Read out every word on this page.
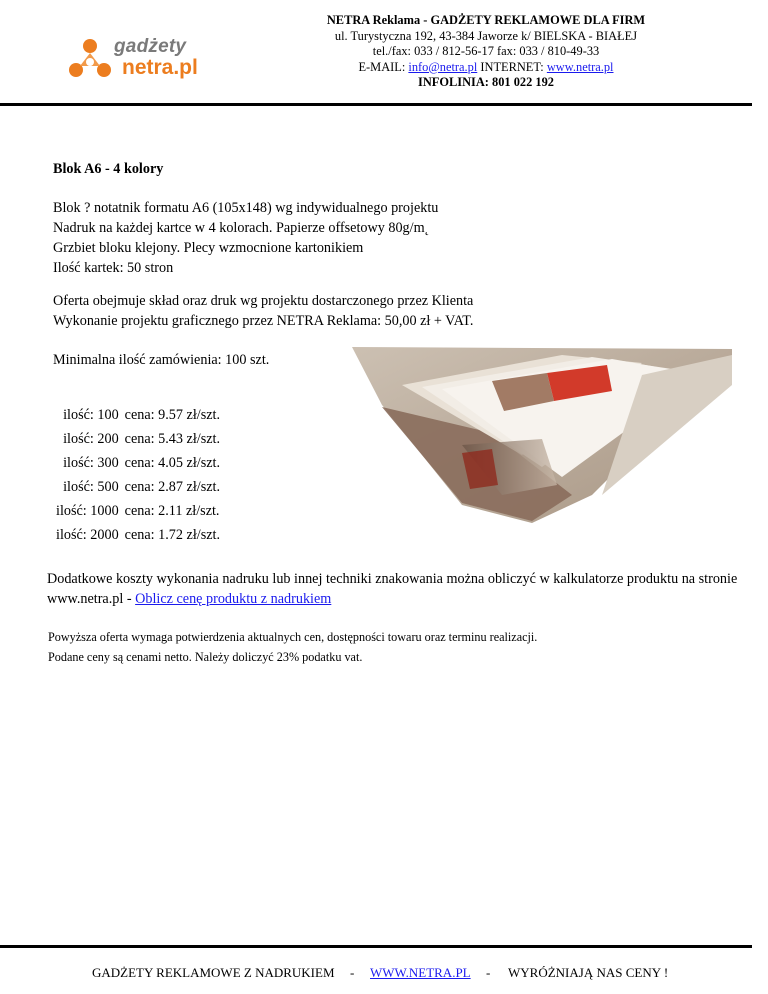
gadżety
netra.pl
NETRA Reklama - GADŻETY REKLAMOWE DLA FIRM
ul. Turystyczna 192, 43-384 Jaworze k/ BIELSKA - BIAŁEJ
tel./fax: 033 / 812-56-17 fax: 033 / 810-49-33
E-MAIL: info@netra.pl INTERNET: www.netra.pl
INFOLINIA: 801 022 192

Blok A6 - 4 kolory

Blok ? notatnik formatu A6 (105x148) wg indywidualnego projektu
Nadruk na każdej kartce w 4 kolorach. Papierze offsetowy 80g/m˛
Grzbiet bloku klejony. Plecy wzmocnione kartonikiem
Ilość kartek: 50 stron
Oferta obejmuje skład oraz druk wg projektu dostarczonego przez Klienta
Wykonanie projektu graficznego przez NETRA Reklama: 50,00 zł + VAT.
Minimalna ilość zamówienia: 100 szt.
ilość: 100	cena: 9.57 zł/szt.
ilość: 200	cena: 5.43 zł/szt.
ilość: 300	cena: 4.05 zł/szt.
ilość: 500	cena: 2.87 zł/szt.
ilość: 1000	cena: 2.11 zł/szt.
ilość: 2000	cena: 1.72 zł/szt.
Dodatkowe koszty wykonania nadruku lub innej techniki znakowania można obliczyć w kalkulatorze produktu na stronie www.netra.pl - Oblicz cenę produktu z nadrukiem
Powyższa oferta wymaga potwierdzenia aktualnych cen, dostępności towaru oraz terminu realizacji.
Podane ceny są cenami netto. Należy doliczyć 23% podatku vat.
GADŻETY REKLAMOWE Z NADRUKIEM - WWW.NETRA.PL - WYRÓŻNIAJĄ NAS CENY !
